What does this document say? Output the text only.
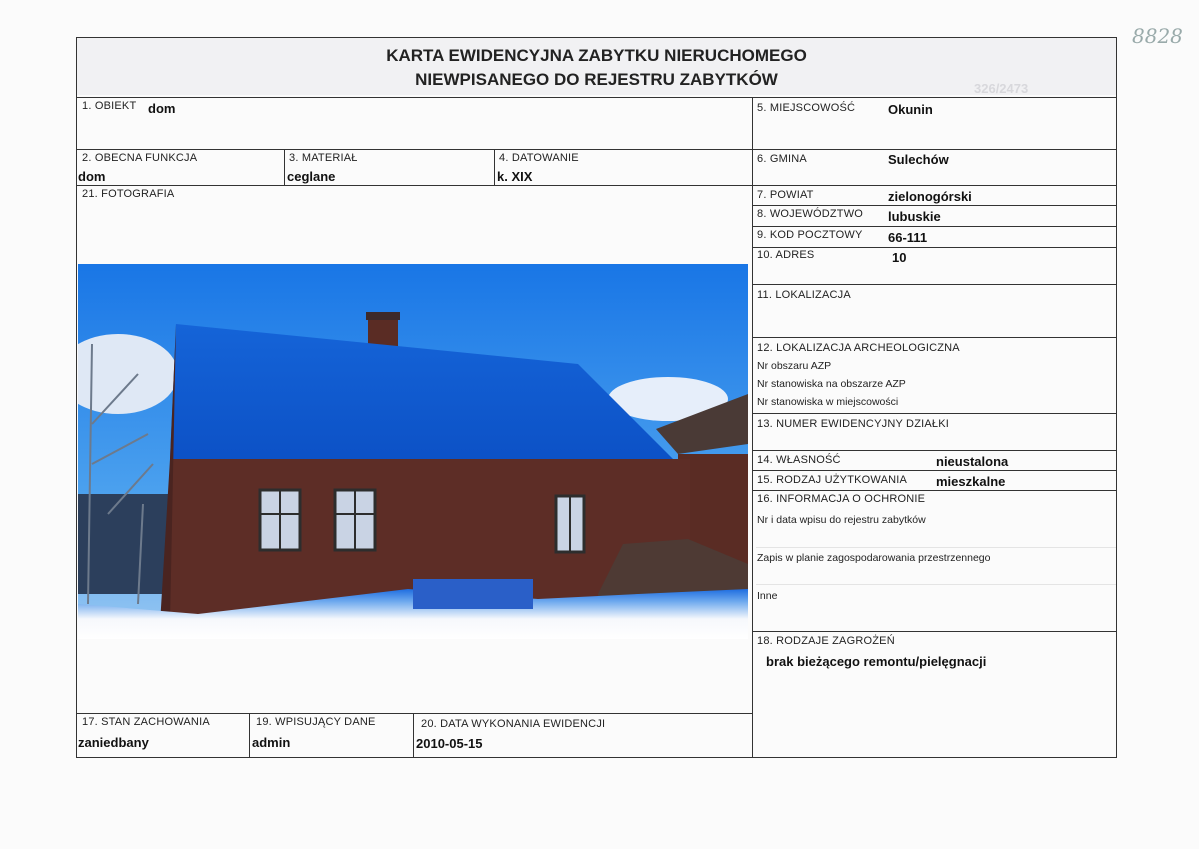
8828
326/2473
KARTA EWIDENCYJNA ZABYTKU NIERUCHOMEGO
NIEWPISANEGO DO REJESTRU ZABYTKÓW
1. OBIEKT dom
2. OBECNA FUNKCJA
dom
3. MATERIAŁ
ceglane
4. DATOWANIE
k. XIX
21. FOTOGRAFIA
17. STAN ZACHOWANIA
zaniedbany
19. WPISUJĄCY DANE
admin
20. DATA WYKONANIA EWIDENCJI
2010-05-15
5. MIEJSCOWOŚĆ	Okunin
6. GMINA	Sulechów
7. POWIAT	zielonogórski
8. WOJEWÓDZTWO lubuskie
9. KOD POCZTOWY 66-111
10. ADRES	10
11. LOKALIZACJA
12. LOKALIZACJA ARCHEOLOGICZNA
Nr obszaru AZP
Nr stanowiska na obszarze AZP
Nr stanowiska w miejscowości
13. NUMER EWIDENCYJNY DZIAŁKI
14. WŁASNOŚĆ	nieustalona
15. RODZAJ UŻYTKOWANIA mieszkalne
16. INFORMACJA O OCHRONIE
Nr i data wpisu do rejestru zabytków
Zapis w planie zagospodarowania przestrzennego
Inne
18. RODZAJE ZAGROŻEŃ
brak bieżącego remontu/pielęgnacji
